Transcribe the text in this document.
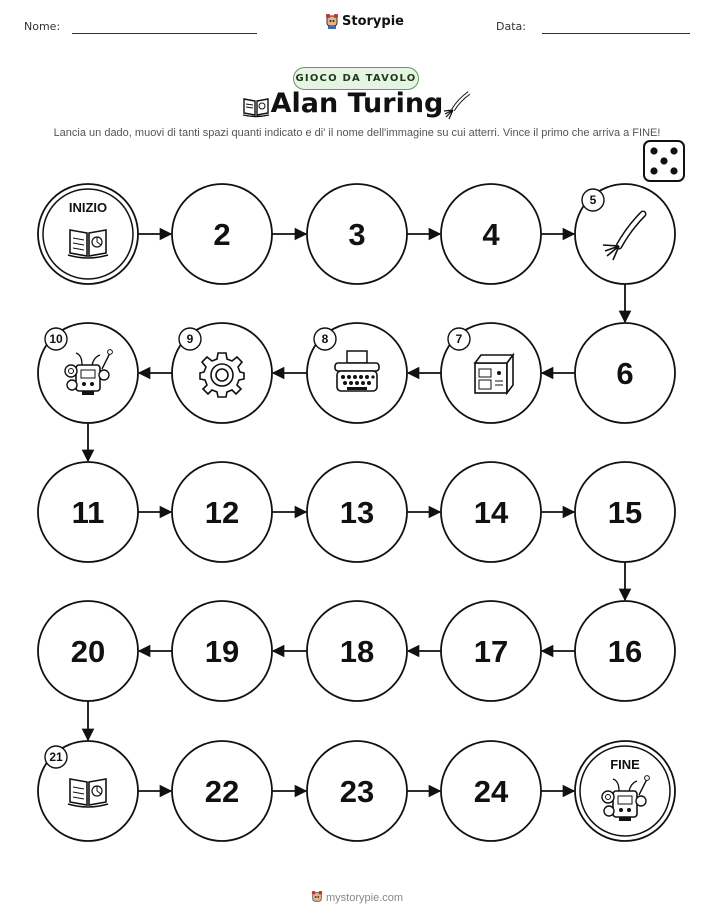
Nome:	Storypie	Data:
GIOCO DA TAVOLO
Alan Turing
Lancia un dado, muovi di tanti spazi quanti indicato e di' il nome dell'immagine su cui atterri. Vince il primo che arriva a FINE!
INIZIO
2	3	4
5
6
7
8
9
10
11	12	13	14	15
16
17
18
19
20
21
22	23	24
FINE
mystorypie.com
